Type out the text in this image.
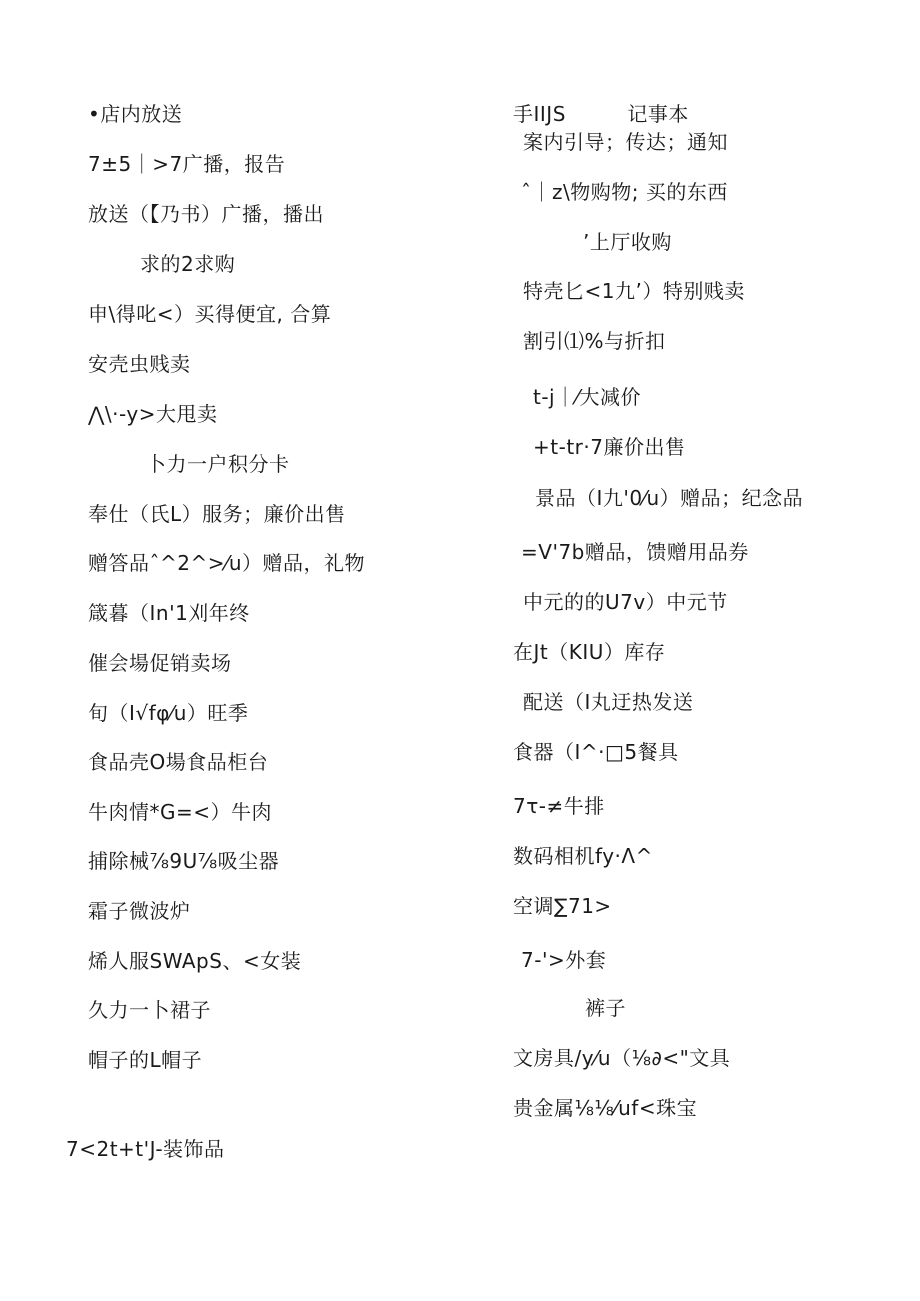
•店内放送
7±5｜>7广播，报告
放送（【乃书）广播，播出
求的2求购
申\得叱<）买得便宜, 合算
安壳虫贱卖
⋀\·-y>大甩卖
卜力一户积分卡
奉仕（氏L）服务；廉价出售
赠答品ˆ^2^>⁄u）赠品，礼物
箴暮（In'1刈年终
催会場促销卖场
旬（I√fφ⁄u）旺季
食品壳O場食品柜台
牛肉情*G=<）牛肉
捕除械⅞9U⅞吸尘器
霜子微波炉
烯人服SWApS、<女装
久力一卜裙子
帽子的L帽子
7<2t+t'J-装饰品
手IIJS　　　记事本
案内引导；传达；通知
ˆ｜z\物购物; 买的东西
’上厅收购
特壳匕<1九’）特别贱卖
割引⑴%与折扣
t-j｜⁄大减价
+t-tr·7廉价出售
景品（I九'0⁄u）赠品；纪念品
=V'7b赠品，馈赠用品券
中元的的U7v）中元节
在Jt（KIU）库存
配送（I丸迂热发送
食器（I^·□5餐具
7τ-≠牛排
数码相机fy·Λ^
空调∑71>
7-'>外套
裤子
文房具/y⁄u（⅛∂<"文具
贵金属⅛⅛⁄uf<珠宝
